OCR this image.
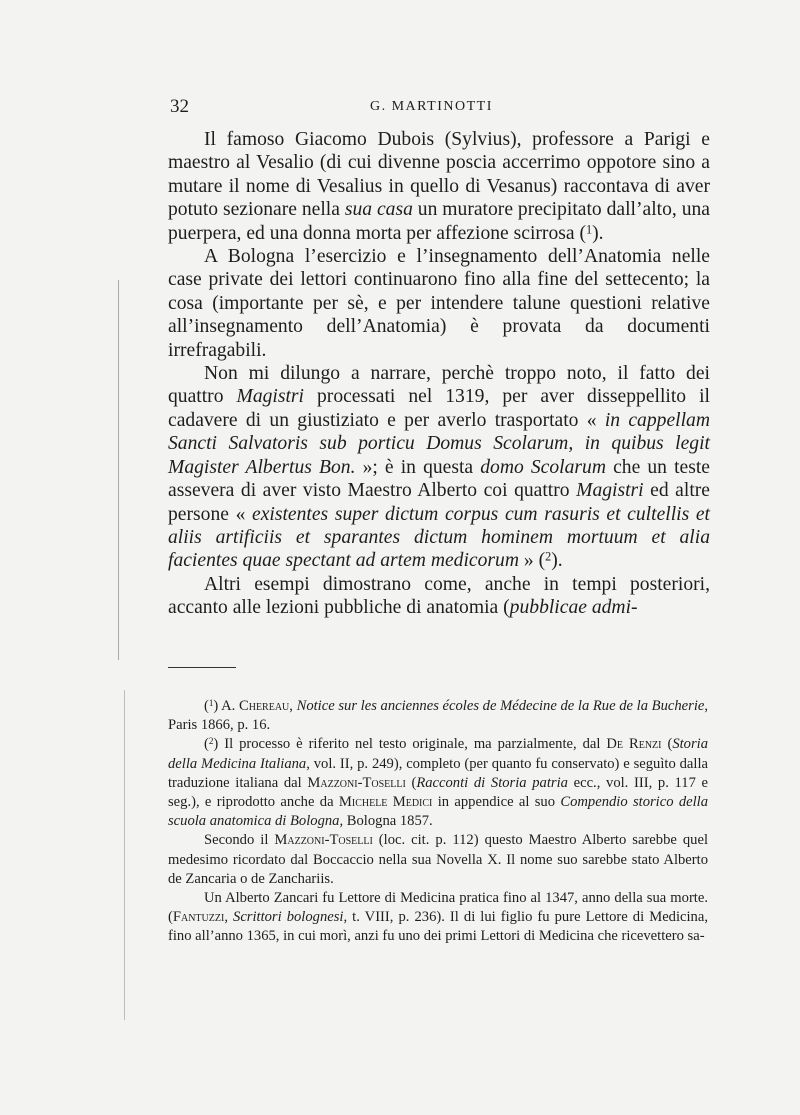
32	G. MARTINOTTI

Il famoso Giacomo Dubois (Sylvius), professore a Parigi e maestro al Vesalio (di cui divenne poscia accerrimo oppotore sino a mutare il nome di Vesalius in quello di Vesanus) raccontava di aver potuto sezionare nella sua casa un muratore precipitato dall’alto, una puerpera, ed una donna morta per affezione scirrosa ($^1$).

A Bologna l’esercizio e l’insegnamento dell’Anatomia nelle case private dei lettori continuarono fino alla fine del settecento; la cosa (importante per sè, e per intendere talune questioni relative all’insegnamento dell’Anatomia) è provata da documenti irrefragabili.

Non mi dilungo a narrare, perchè troppo noto, il fatto dei quattro Magistri processati nel 1319, per aver disseppellito il cadavere di un giustiziato e per averlo trasportato « in cappellam Sancti Salvatoris sub porticu Domus Scolarum, in quibus legit Magister Albertus Bon. »; è in questa domo Scolarum che un teste assevera di aver visto Maestro Alberto coi quattro Magistri ed altre persone « existentes super dictum corpus cum rasuris et cultellis et aliis artificiis et sparantes dictum hominem mortuum et alia facientes quae spectant ad artem medicorum » ($^2$).

Altri esempi dimostrano come, anche in tempi posteriori, accanto alle lezioni pubbliche di anatomia (pubblicae admi-

($^1$) A. Chereau, Notice sur les anciennes écoles de Médecine de la Rue de la Bucherie, Paris 1866, p. 16.

($^2$) Il processo è riferito nel testo originale, ma parzialmente, dal De Renzi (Storia della Medicina Italiana, vol. II, p. 249), completo (per quanto fu conservato) e seguìto dalla traduzione italiana dal Mazzoni-Toselli (Racconti di Storia patria ecc., vol. III, p. 117 e seg.), e riprodotto anche da Michele Medici in appendice al suo Compendio storico della scuola anatomica di Bologna, Bologna 1857.

Secondo il Mazzoni-Toselli (loc. cit. p. 112) questo Maestro Alberto sarebbe quel medesimo ricordato dal Boccaccio nella sua Novella X. Il nome suo sarebbe stato Alberto de Zancaria o de Zanchariis.

Un Alberto Zancari fu Lettore di Medicina pratica fino al 1347, anno della sua morte. (Fantuzzi, Scrittori bolognesi, t. VIII, p. 236). Il di lui figlio fu pure Lettore di Medicina, fino all’anno 1365, in cui morì, anzi fu uno dei primi Lettori di Medicina che ricevettero sa-
